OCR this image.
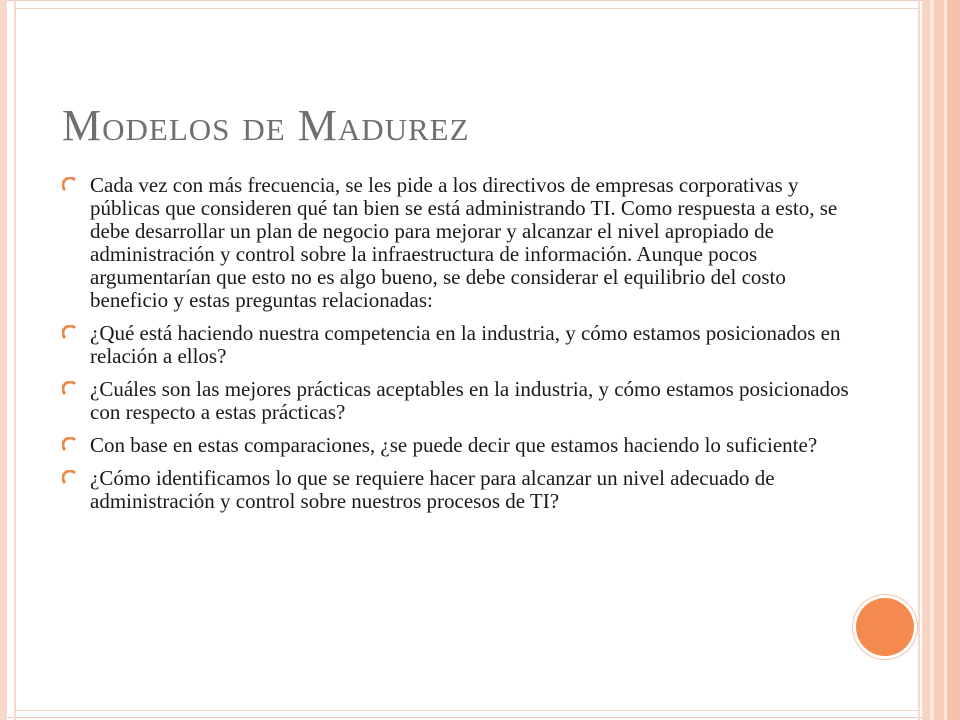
Modelos de Madurez
Cada vez con más frecuencia, se les pide a los directivos de empresas corporativas y públicas que consideren qué tan bien se está administrando TI. Como respuesta a esto, se debe desarrollar un plan de negocio para mejorar y alcanzar el nivel apropiado de administración y control sobre la infraestructura de información. Aunque pocos argumentarían que esto no es algo bueno, se debe considerar el equilibrio del costo beneficio y estas preguntas relacionadas:
¿Qué está haciendo nuestra competencia en la industria, y cómo estamos posicionados en relación a ellos?
¿Cuáles son las mejores prácticas aceptables en la industria, y cómo estamos posicionados con respecto a estas prácticas?
Con base en estas comparaciones, ¿se puede decir que estamos haciendo lo suficiente?
¿Cómo identificamos lo que se requiere hacer para alcanzar un nivel adecuado de administración y control sobre nuestros procesos de TI?
